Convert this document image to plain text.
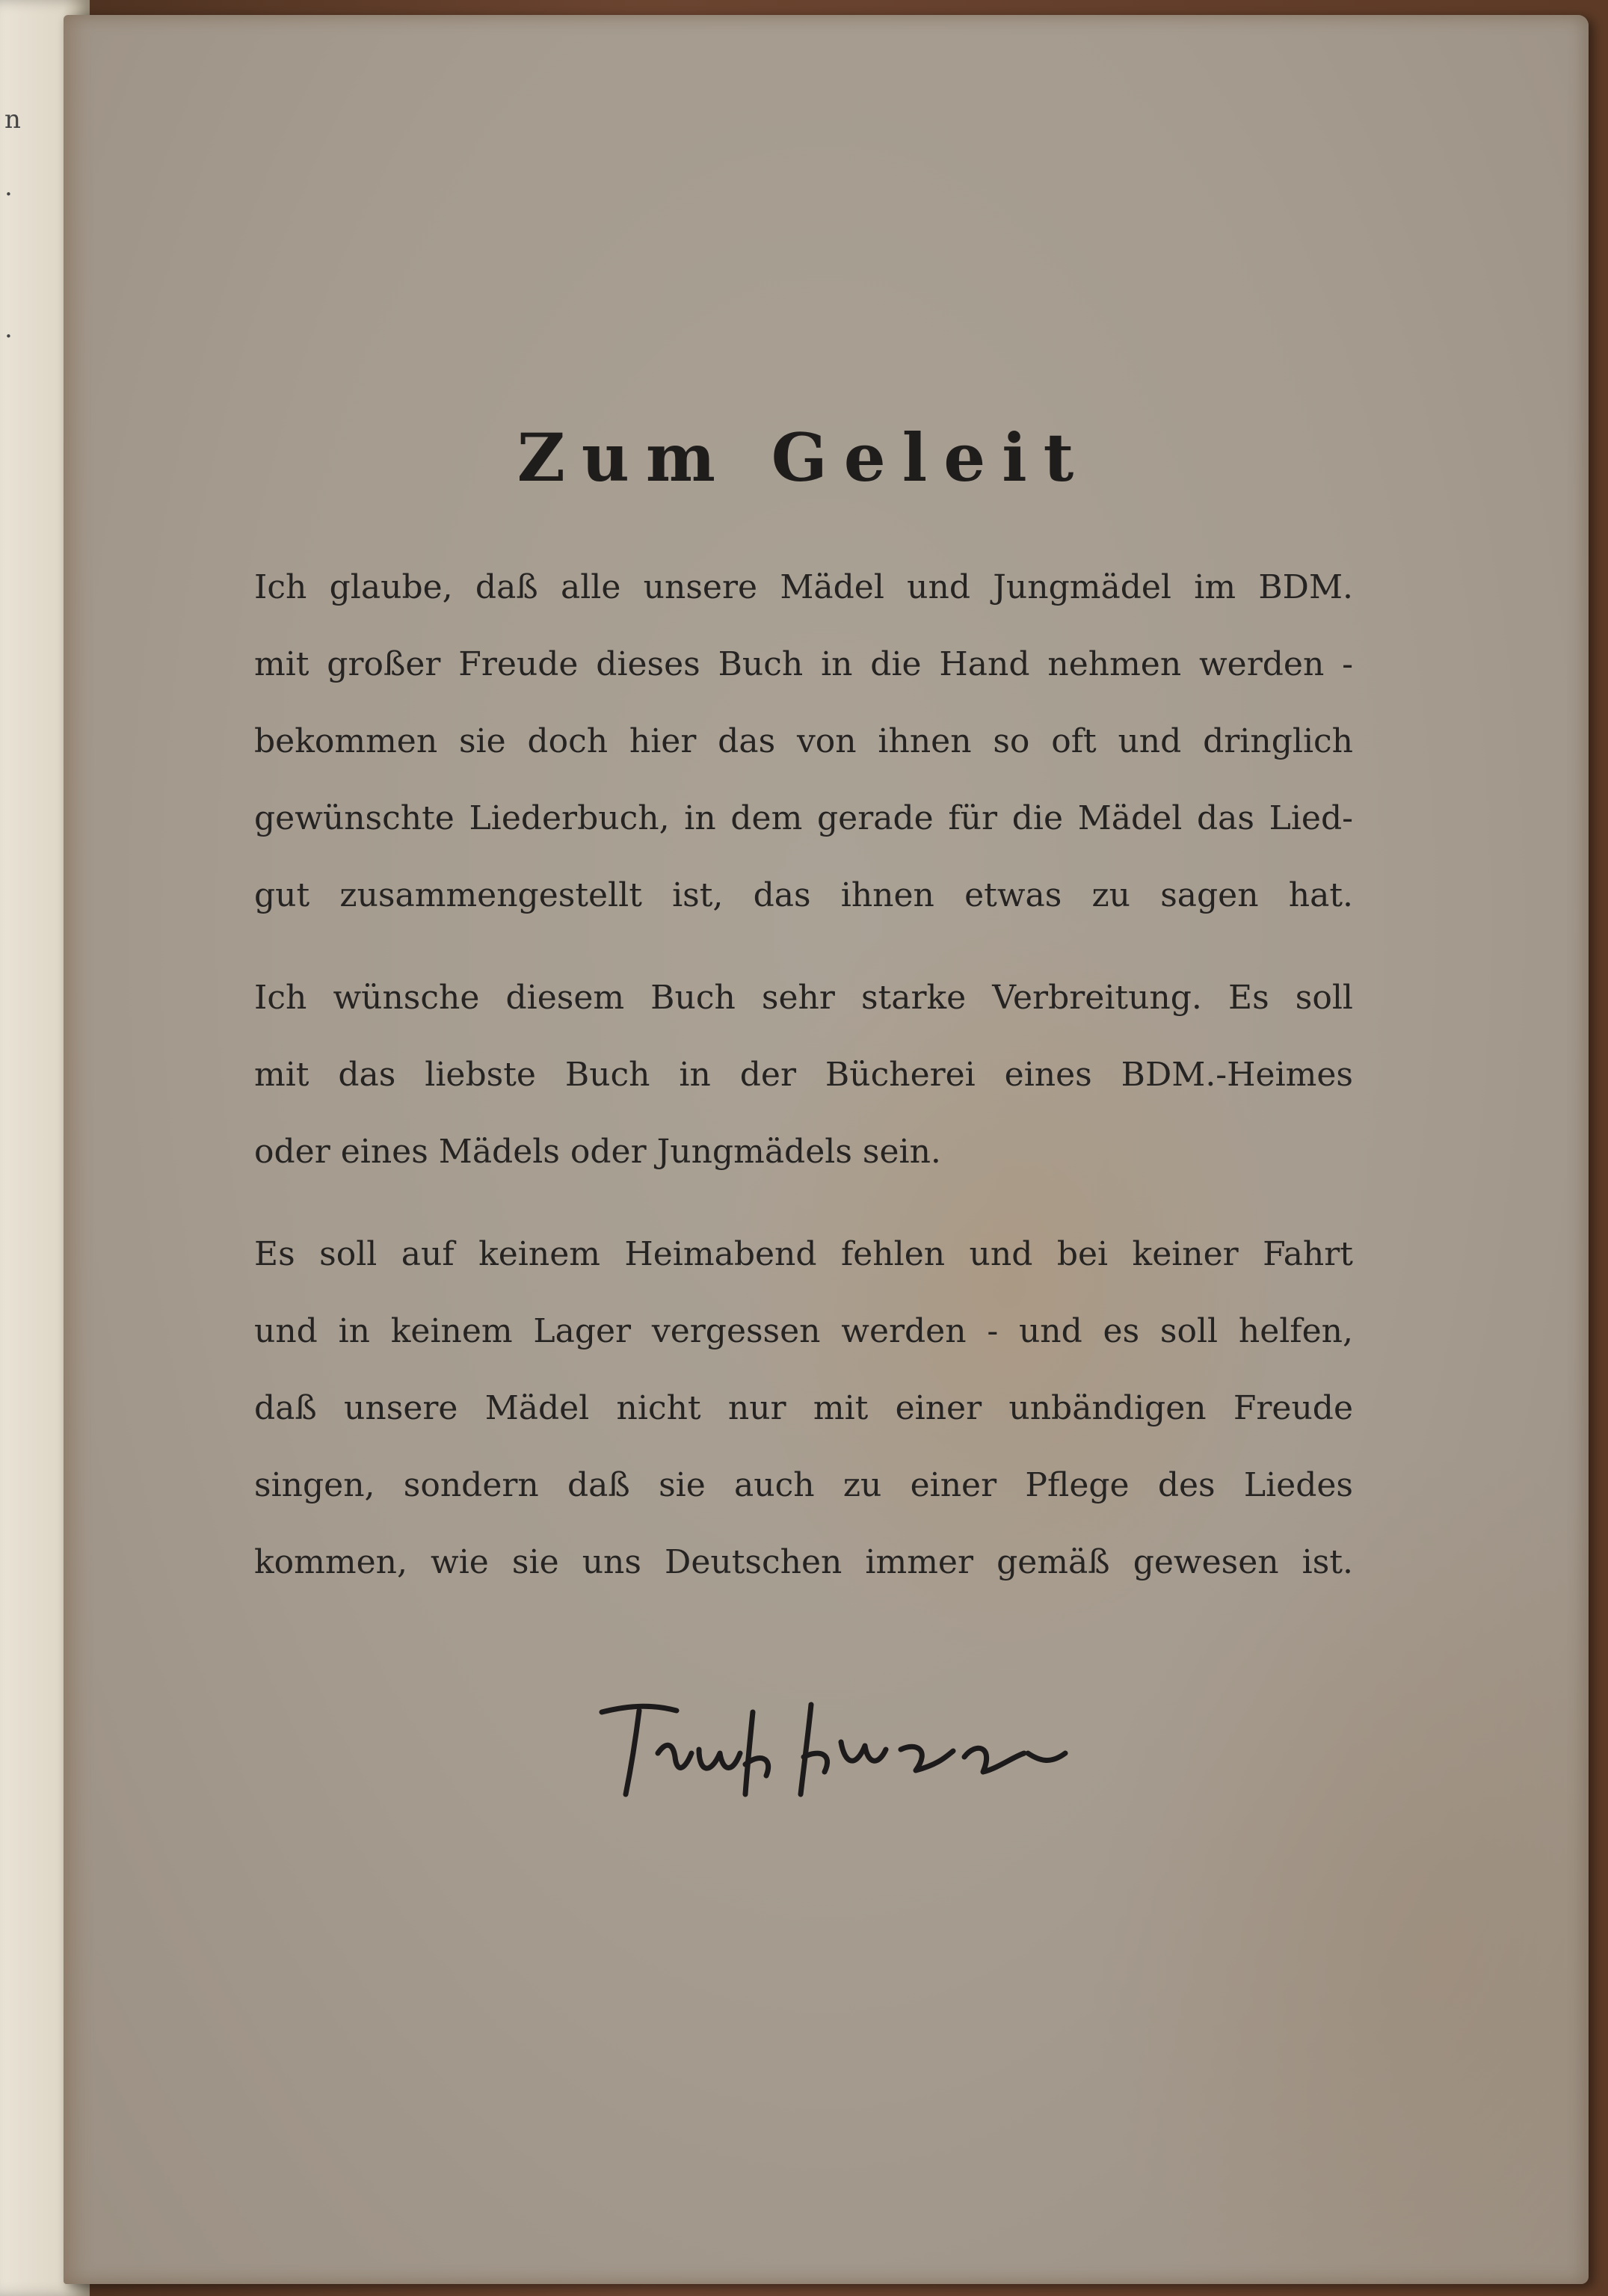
n
.
.
Zum Geleit
Ich glaube, daß alle unsere Mädel und Jungmädel im BDM.
mit großer Freude dieses Buch in die Hand nehmen werden -
bekommen sie doch hier das von ihnen so oft und dringlich
gewünschte Liederbuch, in dem gerade für die Mädel das Lied-
gut zusammengestellt ist, das ihnen etwas zu sagen hat.
Ich wünsche diesem Buch sehr starke Verbreitung. Es soll
mit das liebste Buch in der Bücherei eines BDM.-Heimes
oder eines Mädels oder Jungmädels sein.
Es soll auf keinem Heimabend fehlen und bei keiner Fahrt
und in keinem Lager vergessen werden - und es soll helfen,
daß unsere Mädel nicht nur mit einer unbändigen Freude
singen, sondern daß sie auch zu einer Pflege des Liedes
kommen, wie sie uns Deutschen immer gemäß gewesen ist.
